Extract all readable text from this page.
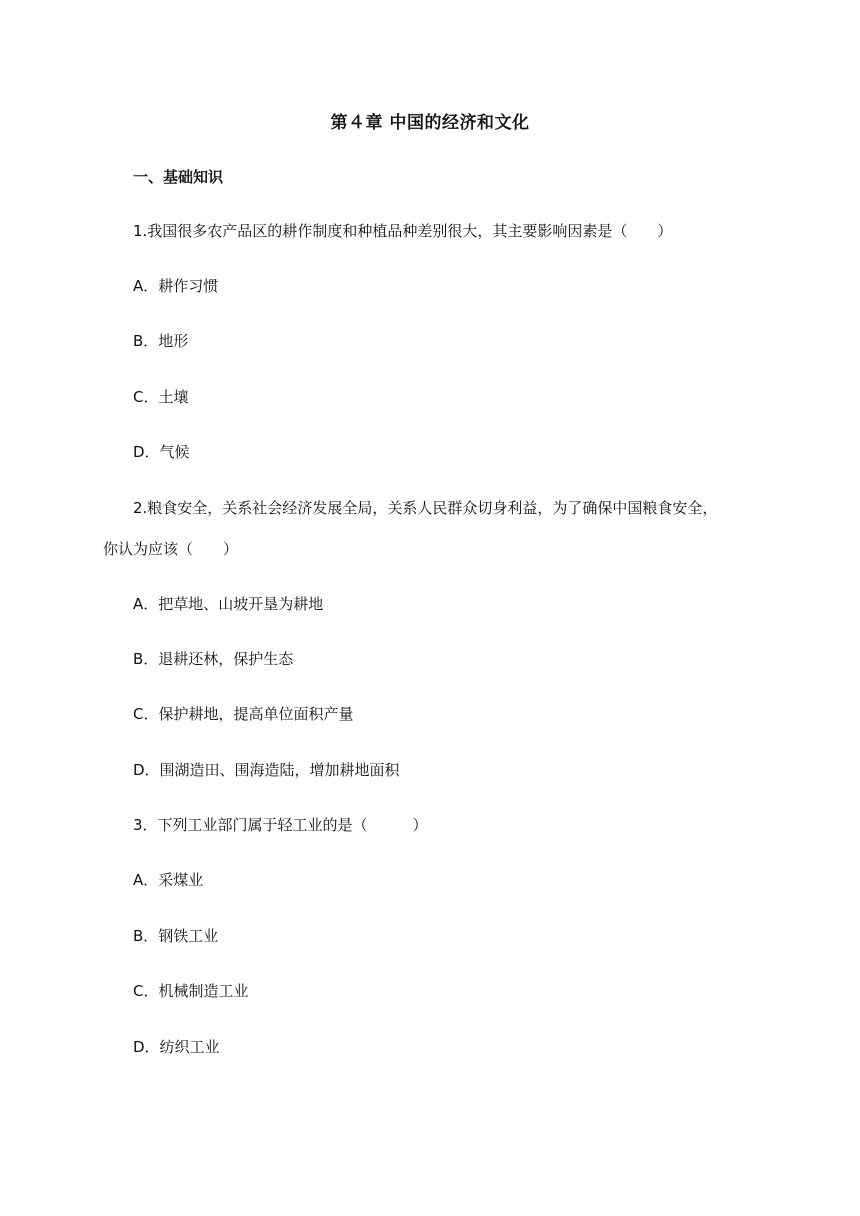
第４章 中国的经济和文化
一、基础知识
1.我国很多农产品区的耕作制度和种植品种差别很大，其主要影响因素是（　　）
A．耕作习惯
B．地形
C．土壤
D．气候
2.粮食安全，关系社会经济发展全局，关系人民群众切身利益，为了确保中国粮食安全，
你认为应该（　　）
A．把草地、山坡开垦为耕地
B．退耕还林，保护生态
C．保护耕地，提高单位面积产量
D．围湖造田、围海造陆，增加耕地面积
3．下列工业部门属于轻工业的是（　　　）
A．采煤业
B．钢铁工业
C．机械制造工业
D．纺织工业
